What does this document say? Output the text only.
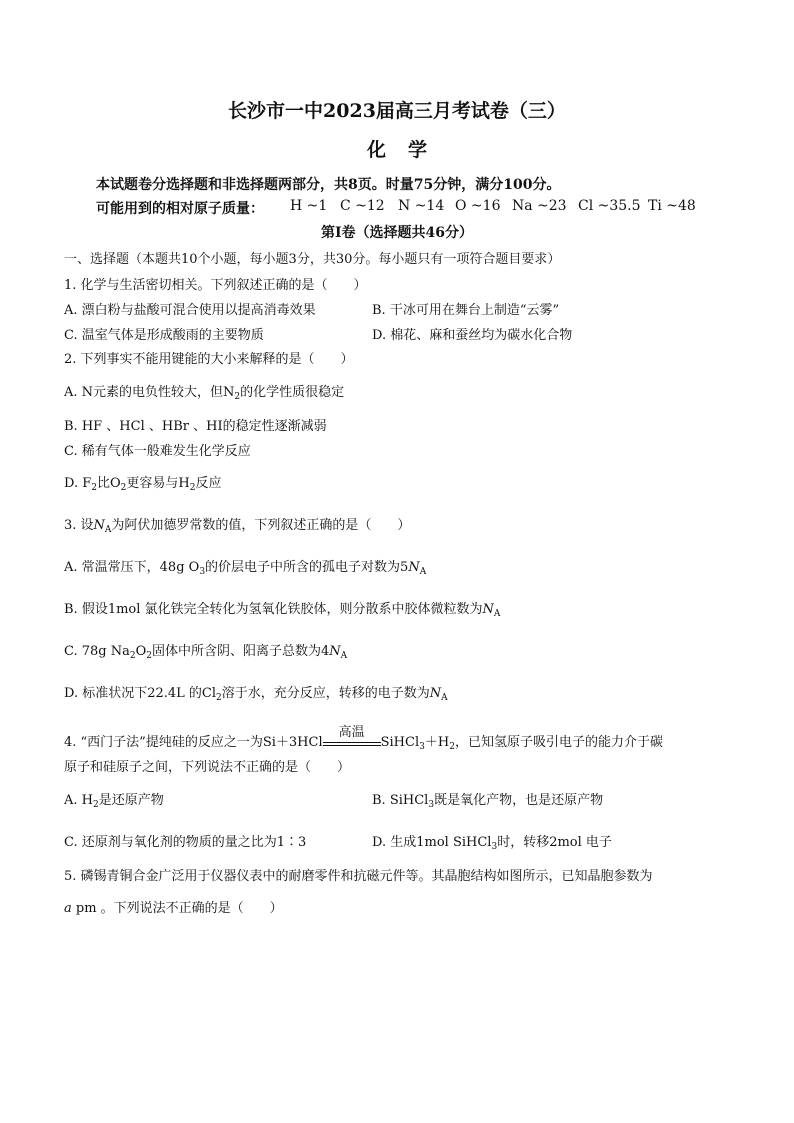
长沙市一中2023届高三月考试卷（三）
化学
本试题卷分选择题和非选择题两部分，共8页。时量75分钟，满分100分。
可能用到的相对原子质量： H ~1 C ~12 N ~14 O ~16 Na ~23 Cl ~35.5 Ti ~48
第Ⅰ卷（选择题共46分）
一、选择题（本题共10个小题，每小题3分，共30分。每小题只有一项符合题目要求）
1. 化学与生活密切相关。下列叙述正确的是（　　）
A. 漂白粉与盐酸可混合使用以提高消毒效果	B. 干冰可用在舞台上制造“云雾”
C. 温室气体是形成酸雨的主要物质	D. 棉花、麻和蚕丝均为碳水化合物
2. 下列事实不能用键能的大小来解释的是（　　）
A. N元素的电负性较大，但$N_2$的化学性质很稳定
B. HF 、HCl 、HBr 、HI的稳定性逐渐减弱
C. 稀有气体一般难发生化学反应
D. $F_2$比$O_2$更容易与$H_2$反应
3. 设$N_A$为阿伏加德罗常数的值，下列叙述正确的是（　　）
A. 常温常压下，48g $O_3$的价层电子中所含的孤电子对数为$5N_A$
B. 假设1mol 氯化铁完全转化为氢氧化铁胶体，则分散系中胶体微粒数为$N_A$
C. 78g $Na_2O_2$固体中所含阴、阳离子总数为$4N_A$
D. 标准状况下22.4L 的$Cl_2$溶于水，充分反应，转移的电子数为$N_A$
4. “西门子法”提纯硅的反应之一为Si＋3HCl
高温
$SiHCl_3+H_2$，已知氢原子吸引电子的能力介于碳
原子和硅原子之间，下列说法不正确的是（　　）
A. $H_2$是还原产物	B. SiHCl$_3$既是氧化产物，也是还原产物
C. 还原剂与氧化剂的物质的量之比为1∶3	D. 生成1mol SiHCl$_3$时，转移2mol 电子
5. 磷锡青铜合金广泛用于仪器仪表中的耐磨零件和抗磁元件等。其晶胞结构如图所示，已知晶胞参数为
a pm 。下列说法不正确的是（　　）
